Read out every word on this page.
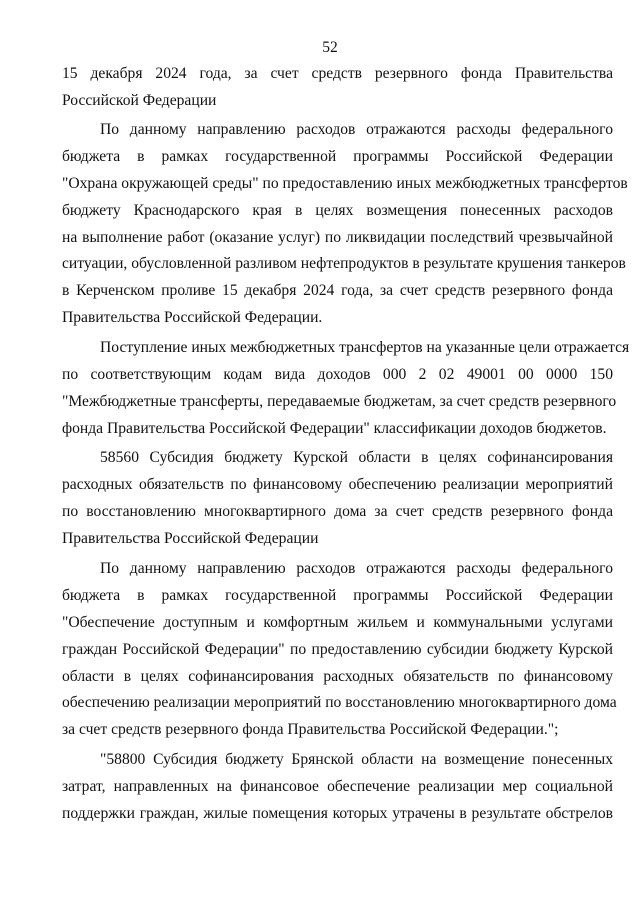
52
15 декабря 2024 года, за счет средств резервного фонда Правительства
Российской Федерации
По данному направлению расходов отражаются расходы федерального
бюджета в рамках государственной программы Российской Федерации
"Охрана окружающей среды" по предоставлению иных межбюджетных трансфертов
бюджету Краснодарского края в целях возмещения понесенных расходов
на выполнение работ (оказание услуг) по ликвидации последствий чрезвычайной
ситуации, обусловленной разливом нефтепродуктов в результате крушения танкеров
в Керченском проливе 15 декабря 2024 года, за счет средств резервного фонда
Правительства Российской Федерации.
Поступление иных межбюджетных трансфертов на указанные цели отражается
по соответствующим кодам вида доходов 000 2 02 49001 00 0000 150
"Межбюджетные трансферты, передаваемые бюджетам, за счет средств резервного
фонда Правительства Российской Федерации" классификации доходов бюджетов.
58560 Субсидия бюджету Курской области в целях софинансирования
расходных обязательств по финансовому обеспечению реализации мероприятий
по восстановлению многоквартирного дома за счет средств резервного фонда
Правительства Российской Федерации
По данному направлению расходов отражаются расходы федерального
бюджета в рамках государственной программы Российской Федерации
"Обеспечение доступным и комфортным жильем и коммунальными услугами
граждан Российской Федерации" по предоставлению субсидии бюджету Курской
области в целях софинансирования расходных обязательств по финансовому
обеспечению реализации мероприятий по восстановлению многоквартирного дома
за счет средств резервного фонда Правительства Российской Федерации.";
"58800 Субсидия бюджету Брянской области на возмещение понесенных
затрат, направленных на финансовое обеспечение реализации мер социальной
поддержки граждан, жилые помещения которых утрачены в результате обстрелов
